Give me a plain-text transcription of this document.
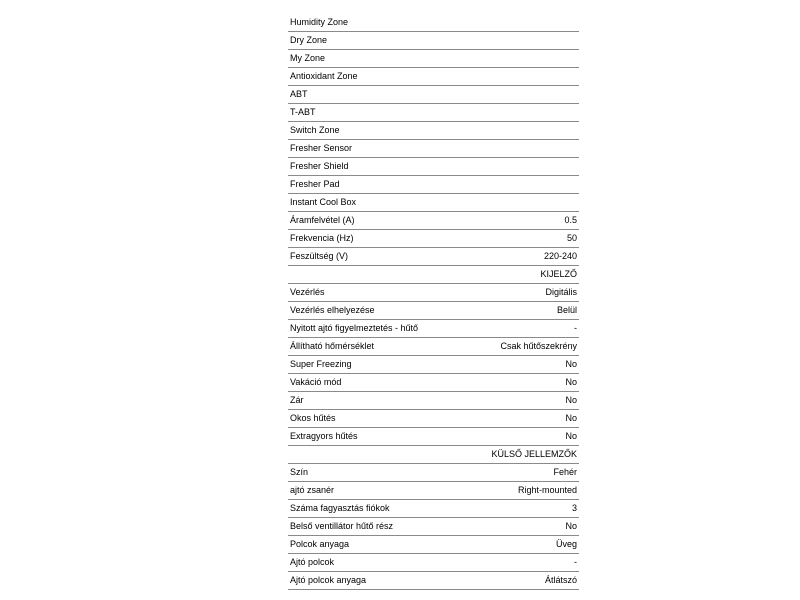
Humidity Zone	
Dry Zone	
My Zone	
Antioxidant Zone	
ABT	
T-ABT	
Switch Zone	
Fresher Sensor	
Fresher Shield	
Fresher Pad	
Instant Cool Box	
Áramfelvétel (A)	0.5
Frekvencia (Hz)	50
Feszültség (V)	220-240
	KIJELZŐ
Vezérlés	Digitális
Vezérlés elhelyezése	Belül
Nyitott ajtó figyelmeztetés - hűtő	-
Állítható hőmérséklet	Csak hűtőszekrény
Super Freezing	No
Vakáció mód	No
Zár	No
Okos hűtés	No
Extragyors hűtés	No
	KÜLSŐ JELLEMZŐK
Szín	Fehér
ajtó zsanér	Right-mounted
Száma fagyasztás fiókok	3
Belső ventillátor hűtő rész	No
Polcok anyaga	Üveg
Ajtó polcok	-
Ajtó polcok anyaga	Átlátszó
